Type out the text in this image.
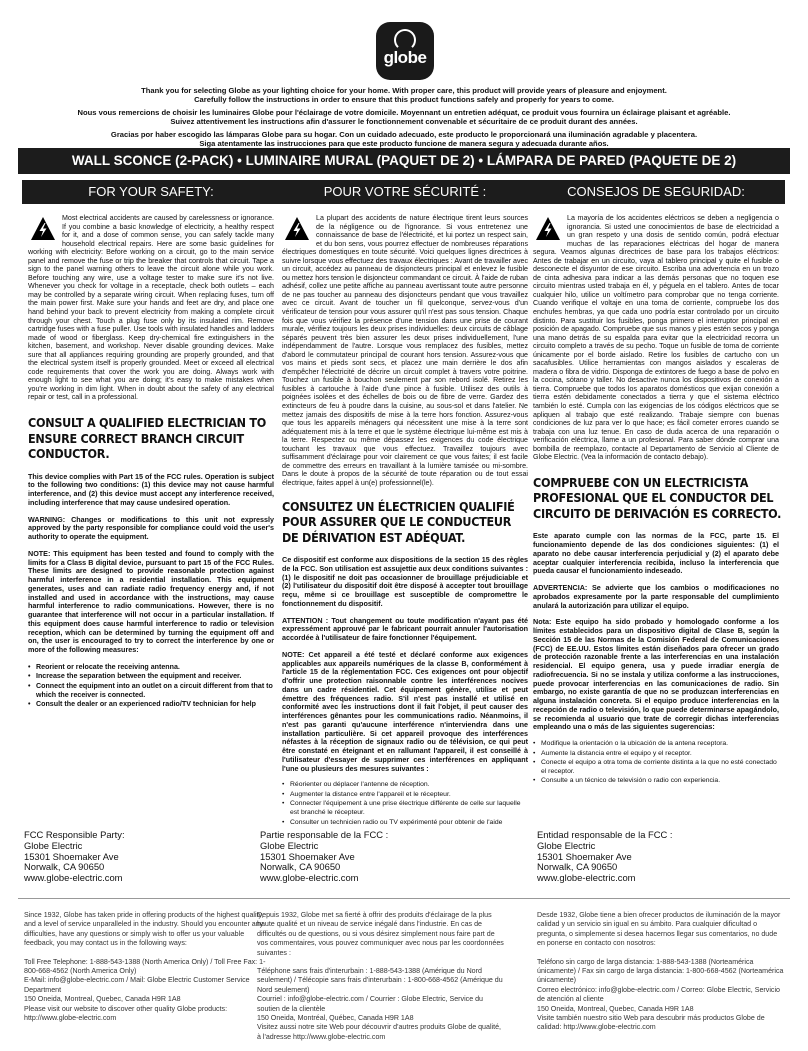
globe

Thank you for selecting Globe as your lighting choice for your home. With proper care, this product will provide years of pleasure and enjoyment.

Carefully follow the instructions in order to ensure that this product functions safely and properly for years to come.

Nous vous remercions de choisir les luminaires Globe pour l'éclairage de votre domicile. Moyennant un entretien adéquat, ce produit vous fournira un éclairage plaisant et agréable.

Suivez attentivement les instructions afin d'assurer le fonctionnement convenable et sécuritaire de ce produit durant des années.

Gracias por haber escogido las lámparas Globe para su hogar. Con un cuidado adecuado, este producto le proporcionará una iluminación agradable y placentera.

Siga atentamente las instrucciones para que este producto funcione de manera segura y adecuada durante años.

WALL SCONCE (2-PACK) • LUMINAIRE MURAL (PAQUET DE 2) • LÁMPARA DE PARED (PAQUETE DE 2)
FOR YOUR SAFETY:
Most electrical accidents are caused by carelessness or ignorance. If you combine a basic knowledge of electricity, a healthy respect for it, and a dose of common sense, you can safely tackle many household electrical repairs. Here are some basic guidelines for working with electricity: Before working on a circuit, go to the main service panel and remove the fuse or trip the breaker that controls that circuit. Tape a sign to the panel warning others to leave the circuit alone while you work. Before touching any wire, use a voltage tester to make sure it's not live. Whenever you check for voltage in a receptacle, check both outlets – each may be controlled by a separate wiring circuit. When replacing fuses, turn off the main power first. Make sure your hands and feet are dry, and place one hand behind your back to prevent electricity from making a complete circuit through your chest. Touch a plug fuse only by its insulated rim. Remove cartridge fuses with a fuse puller. Use tools with insulated handles and ladders made of wood or fiberglass. Keep dry-chemical fire extinguishers in the kitchen, basement, and workshop. Never disable grounding devices. Make sure that all appliances requiring grounding are properly grounded, and that the electrical system itself is properly grounded. Meet or exceed all electrical code requirements that cover the work you are doing. Always work with enough light to see what you are doing; it's easy to make mistakes when you're working in dim light. When in doubt about the safety of any electrical repair or test, call in a professional.
CONSULT A QUALIFIED ELECTRICIAN TO ENSURE CORRECT BRANCH CIRCUIT CONDUCTOR.

This device complies with Part 15 of the FCC rules. Operation is subject to the following two conditions: (1) this device may not cause harmful interference, and (2) this device must accept any interference received, including interference that may cause undesired operation.

WARNING: Changes or modifications to this unit not expressly approved by the party responsible for compliance could void the user's authority to operate the equipment.

NOTE: This equipment has been tested and found to comply with the limits for a Class B digital device, pursuant to part 15 of the FCC Rules. These limits are designed to provide reasonable protection against harmful interference in a residential installation. This equipment generates, uses and can radiate radio frequency energy and, if not installed and used in accordance with the instructions, may cause harmful interference to radio communications. However, there is no guarantee that interference will not occur in a particular installation. If this equipment does cause harmful interference to radio or television reception, which can be determined by turning the equipment off and on, the user is encouraged to try to correct the interference by one or more of the following measures:

• Reorient or relocate the receiving antenna.
• Increase the separation between the equipment and receiver.
• Connect the equipment into an outlet on a circuit different from that to which the receiver is connected.
• Consult the dealer or an experienced radio/TV technician for help
POUR VOTRE SÉCURITÉ :
La plupart des accidents de nature électrique tirent leurs sources de la négligence ou de l'ignorance. Si vous entretenez une connaissance de base de l'électricité, et lui portez un respect sain, et du bon sens, vous pourrez effectuer de nombreuses réparations électriques domestiques en toute sécurité. Voici quelques lignes directrices à suivre lorsque vous effectuez des travaux électriques : Avant de travailler avec un circuit, accédez au panneau de disjoncteurs principal et enlevez le fusible ou mettez hors tension le disjoncteur commandant ce circuit. À l'aide de ruban adhésif, collez une petite affiche au panneau avertissant toute autre personne de ne pas toucher au panneau des disjoncteurs pendant que vous travaillez avec ce circuit. Avant de toucher un fil quelconque, servez-vous d'un vérificateur de tension pour vous assurer qu'il n'est pas sous tension. Chaque fois que vous vérifiez la présence d'une tension dans une prise de courant murale, vérifiez toujours les deux prises individuelles: deux circuits de câblage séparés peuvent très bien assurer les deux prises individuellement, l'une indépendamment de l'autre. Lorsque vous remplacez des fusibles, mettez d'abord le commutateur principal de courant hors tension. Assurez-vous que vos mains et pieds sont secs, et placez une main derrière le dos afin d'empêcher l'électricité de décrire un circuit complet à travers votre poitrine. Touchez un fusible à bouchon seulement par son rebord isolé. Retirez les fusibles à cartouche à l'aide d'une pince à fusible. Utilisez des outils à poignées isolées et des échelles de bois ou de fibre de verre. Gardez des extincteurs de feu à poudre dans la cuisine, au sous-sol et dans l'atelier. Ne mettez jamais des dispositifs de mise à la terre hors fonction. Assurez-vous que tous les appareils ménagers qui nécessitent une mise à la terre sont adéquatement mis à la terre et que le système électrique lui-même est mis à la terre. Respectez ou même dépassez les exigences du code électrique touchant les travaux que vous effectuez. Travaillez toujours avec suffisamment d'éclairage pour voir clairement ce que vous faites; il est facile de commettre des erreurs en travaillant à la lumière tamisée ou mi-sombre. Dans le doute à propos de la sécurité de toute réparation ou de tout essai électrique, faites appel à un(e) professionnel(le).
CONSULTEZ UN ÉLECTRICIEN QUALIFIÉ POUR ASSURER QUE LE CONDUCTEUR DE DÉRIVATION EST ADÉQUAT.

Ce dispositif est conforme aux dispositions de la section 15 des règles de la FCC. Son utilisation est assujettie aux deux conditions suivantes : (1) le dispositif ne doit pas occasionner de brouillage préjudiciable et (2) l'utilisateur du dispositif doit être disposé à accepter tout brouillage reçu, même si ce brouillage est susceptible de compromettre le fonctionnement du dispositif.

ATTENTION : Tout changement ou toute modification n'ayant pas été expressément approuvé par le fabricant pourrait annuler l'autorisation accordée à l'utilisateur de faire fonctionner l'équipement.

NOTE: Cet appareil a été testé et déclaré conforme aux exigences applicables aux appareils numériques de la classe B, conformément à l'article 15 de la réglementation FCC. Ces exigences ont pour objectif d'offrir une protection raisonnable contre les interférences nocives dans un cadre résidentiel. Cet équipement génère, utilise et peut émettre des fréquences radio. S'il n'est pas installé et utilisé en conformité avec les instructions dont il fait l'objet, il peut causer des interférences gênantes pour les communications radio. Néanmoins, il n'est pas garanti qu'aucune interférence n'interviendra dans une installation particulière. Si cet appareil provoque des interférences néfastes à la réception de signaux radio ou de télévision, ce qui peut être constaté en éteignant et en rallumant l'appareil, il est conseillé à l'utilisateur d'essayer de supprimer ces interférences en appliquant l'une ou plusieurs des mesures suivantes :

• Réorienter ou déplacer l'antenne de réception.
• Augmenter la distance entre l'appareil et le récepteur.
• Connecter l'équipement à une prise électrique différente de celle sur laquelle est branché le récepteur.
• Consulter un technicien radio ou TV expérimenté pour obtenir de l'aide
CONSEJOS DE SEGURIDAD:
La mayoría de los accidentes eléctricos se deben a negligencia o ignorancia. Si usted une conocimientos de base de electricidad a un gran respeto y una dosis de sentido común, podrá efectuar muchas de las reparaciones eléctricas del hogar de manera segura. Veamos algunas directrices de base para los trabajos eléctricos: Antes de trabajar en un circuito, vaya al tablero principal y quite el fusible o desconecte el disyuntor de ese circuito. Escriba una advertencia en un trozo de cinta adhesiva para indicar a las demás personas que no toquen ese circuito mientras usted trabaja en él, y péguela en el tablero. Antes de tocar cualquier hilo, utilice un voltímetro para comprobar que no tenga corriente. Cuando verifique el voltaje en una toma de corriente, compruebe los dos enchufes hembras, ya que cada uno podría estar controlado por un circuito distinto. Para sustituir los fusibles, ponga primero el interruptor principal en posición de apagado. Compruebe que sus manos y pies estén secos y ponga una mano detrás de su espalda para evitar que la electricidad recorra un circuito completo a través de su pecho. Toque un fusible de toma de corriente únicamente por el borde aislado. Retire los fusibles de cartucho con un sacafusibles. Utilice herramientas con mangos aislados y escaleras de madera o fibra de vidrio. Disponga de extintores de fuego a base de polvo en la cocina, sótano y taller. No desactive nunca los dispositivos de conexión a tierra. Compruebe que todos los aparatos domésticos que exijan conexión a tierra estén debidamente conectados a tierra y que el sistema eléctrico también lo esté. Cumpla con las exigencias de los códigos eléctricos que se apliquen al trabajo que esté realizando. Trabaje siempre con buenas condiciones de luz para ver lo que hace; es fácil cometer errores cuando se trabaja con una luz tenue. En caso de duda acerca de una reparación o verificación eléctrica, llame a un profesional. Para saber dónde comprar una bombilla de reemplazo, contacte al Departamento de Servicio al Cliente de Globe Electric. (Vea la información de contacto debajo).
COMPRUEBE CON UN ELECTRICISTA PROFESIONAL QUE EL CONDUCTOR DEL CIRCUITO DE DERIVACIÓN ES CORRECTO.

Este aparato cumple con las normas de la FCC, parte 15. El funcionamiento depende de las dos condiciones siguientes: (1) el aparato no debe causar interferencia perjudicial y (2) el aparato debe aceptar cualquier interferencia recibida, incluso la interferencia que pueda causar el funcionamiento indeseado.

ADVERTENCIA: Se advierte que los cambios o modificaciones no aprobados expresamente por la parte responsable del cumplimiento anulará la autorización para utilizar el equipo.

Nota: Este equipo ha sido probado y homologado conforme a los límites establecidos para un dispositivo digital de Clase B, según la Sección 15 de las Normas de la Comisión Federal de Comunicaciones (FCC) de EE.UU. Estos límites están diseñados para ofrecer un grado de protección razonable frente a las interferencias en una instalación residencial. El equipo genera, usa y puede irradiar energía de radiofrecuencia. Si no se instala y utiliza conforme a las instrucciones, puede provocar interferencias en las comunicaciones de radio. Sin embargo, no existe garantía de que no se produzcan interferencias en alguna instalación concreta. Si el equipo produce interferencias en la recepción de radio o televisión, lo que puede determinarse apagándolo, se recomienda al usuario que trate de corregir dichas interferencias empleando una o más de las siguientes sugerencias:

• Modifique la orientación o la ubicación de la antena receptora.
• Aumente la distancia entre el equipo y el receptor.
• Conecte el equipo a otra toma de corriente distinta a la que no esté conectado el receptor.
• Consulte a un técnico de televisión o radio con experiencia.
FCC Responsible Party:
Globe Electric
15301 Shoemaker Ave
Norwalk, CA 90650
www.globe-electric.com
Partie responsable de la FCC :
Globe Electric
15301 Shoemaker Ave
Norwalk, CA 90650
www.globe-electric.com
Entidad responsable de la FCC :
Globe Electric
15301 Shoemaker Ave
Norwalk, CA 90650
www.globe-electric.com
Since 1932, Globe has taken pride in offering products of the highest quality, and a level of service unparalleled in the industry. Should you encounter any difficulties, have any questions or simply wish to offer us your valuable feedback, you may contact us in the following ways:
Toll Free Telephone: 1-888-543-1388 (North America Only) / Toll Free Fax: 1-800-668-4562 (North America Only)
E-Mail: info@globe-electric.com / Mail: Globe Electric Customer Service Department
150 Oneida, Montreal, Quebec, Canada H9R 1A8
Please visit our website to discover other quality Globe products: http://www.globe-electric.com
Depuis 1932, Globe met sa fierté à offrir des produits d'éclairage de la plus haute qualité et un niveau de service inégalé dans l'industrie. En cas de difficultés ou de questions, ou si vous désirez simplement nous faire part de vos commentaires, vous pouvez communiquer avec nous par les coordonnées suivantes :
Téléphone sans frais d'interurbain : 1-888-543-1388 (Amérique du Nord seulement) / Télécopie sans frais d'interurbain : 1-800-668-4562 (Amérique du Nord seulement)
Courriel : info@globe-electric.com / Courrier : Globe Electric, Service du soutien de la clientèle
150 Oneida, Montréal, Québec, Canada H9R 1A8
Visitez aussi notre site Web pour découvrir d'autres produits Globe de qualité, à l'adresse http://www.globe-electric.com
Desde 1932, Globe tiene a bien ofrecer productos de iluminación de la mayor calidad y un servicio sin igual en su ámbito. Para cualquier dificultad o pregunta, o simplemente si desea hacernos llegar sus comentarios, no dude en ponerse en contacto con nosotros:
Teléfono sin cargo de larga distancia: 1-888-543-1388 (Norteamérica únicamente) / Fax sin cargo de larga distancia: 1-800-668-4562 (Norteamérica únicamente)
Correo electrónico: info@globe-electric.com / Correo: Globe Electric, Servicio de atención al cliente
150 Oneida, Montreal, Quebec, Canada H9R 1A8
Visite también nuestro sitio Web para descubrir más productos Globe de calidad: http://www.globe-electric.com
